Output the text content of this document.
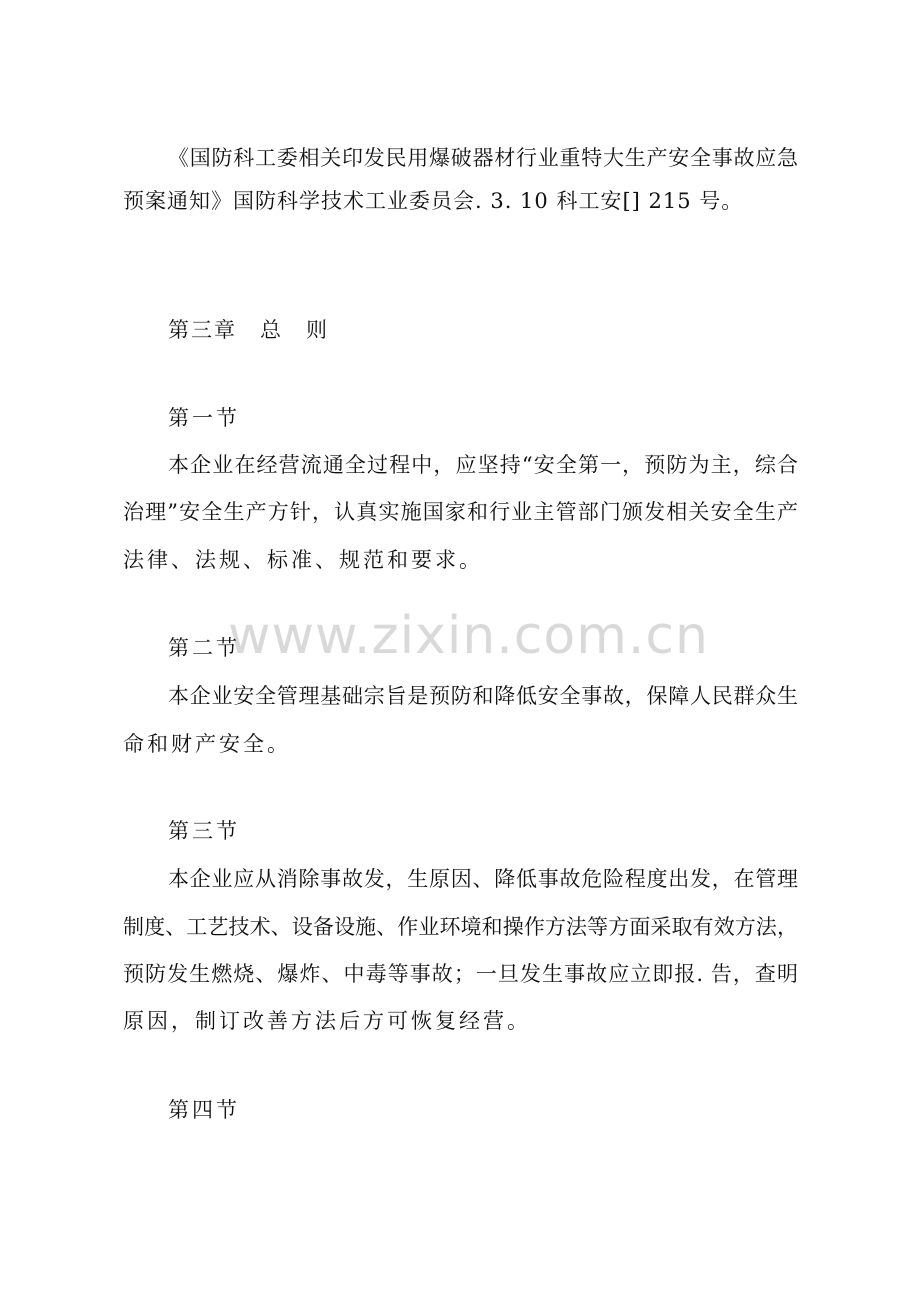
《国防科工委相关印发民用爆破器材行业重特大生产安全事故应急
预案通知》国防科学技术工业委员会. 3. 10 科工安[] 215 号。
第三章　总　则
第一节
本企业在经营流通全过程中，应坚持“安全第一，预防为主，综合
治理”安全生产方针，认真实施国家和行业主管部门颁发相关安全生产
法律、法规、标准、规范和要求。
www.zixin.com.cn
第二节
本企业安全管理基础宗旨是预防和降低安全事故，保障人民群众生
命和财产安全。
第三节
本企业应从消除事故发，生原因、降低事故危险程度出发，在管理
制度、工艺技术、设备设施、作业环境和操作方法等方面采取有效方法，
预防发生燃烧、爆炸、中毒等事故；一旦发生事故应立即报. 告，查明
原因，制订改善方法后方可恢复经营。
第四节
